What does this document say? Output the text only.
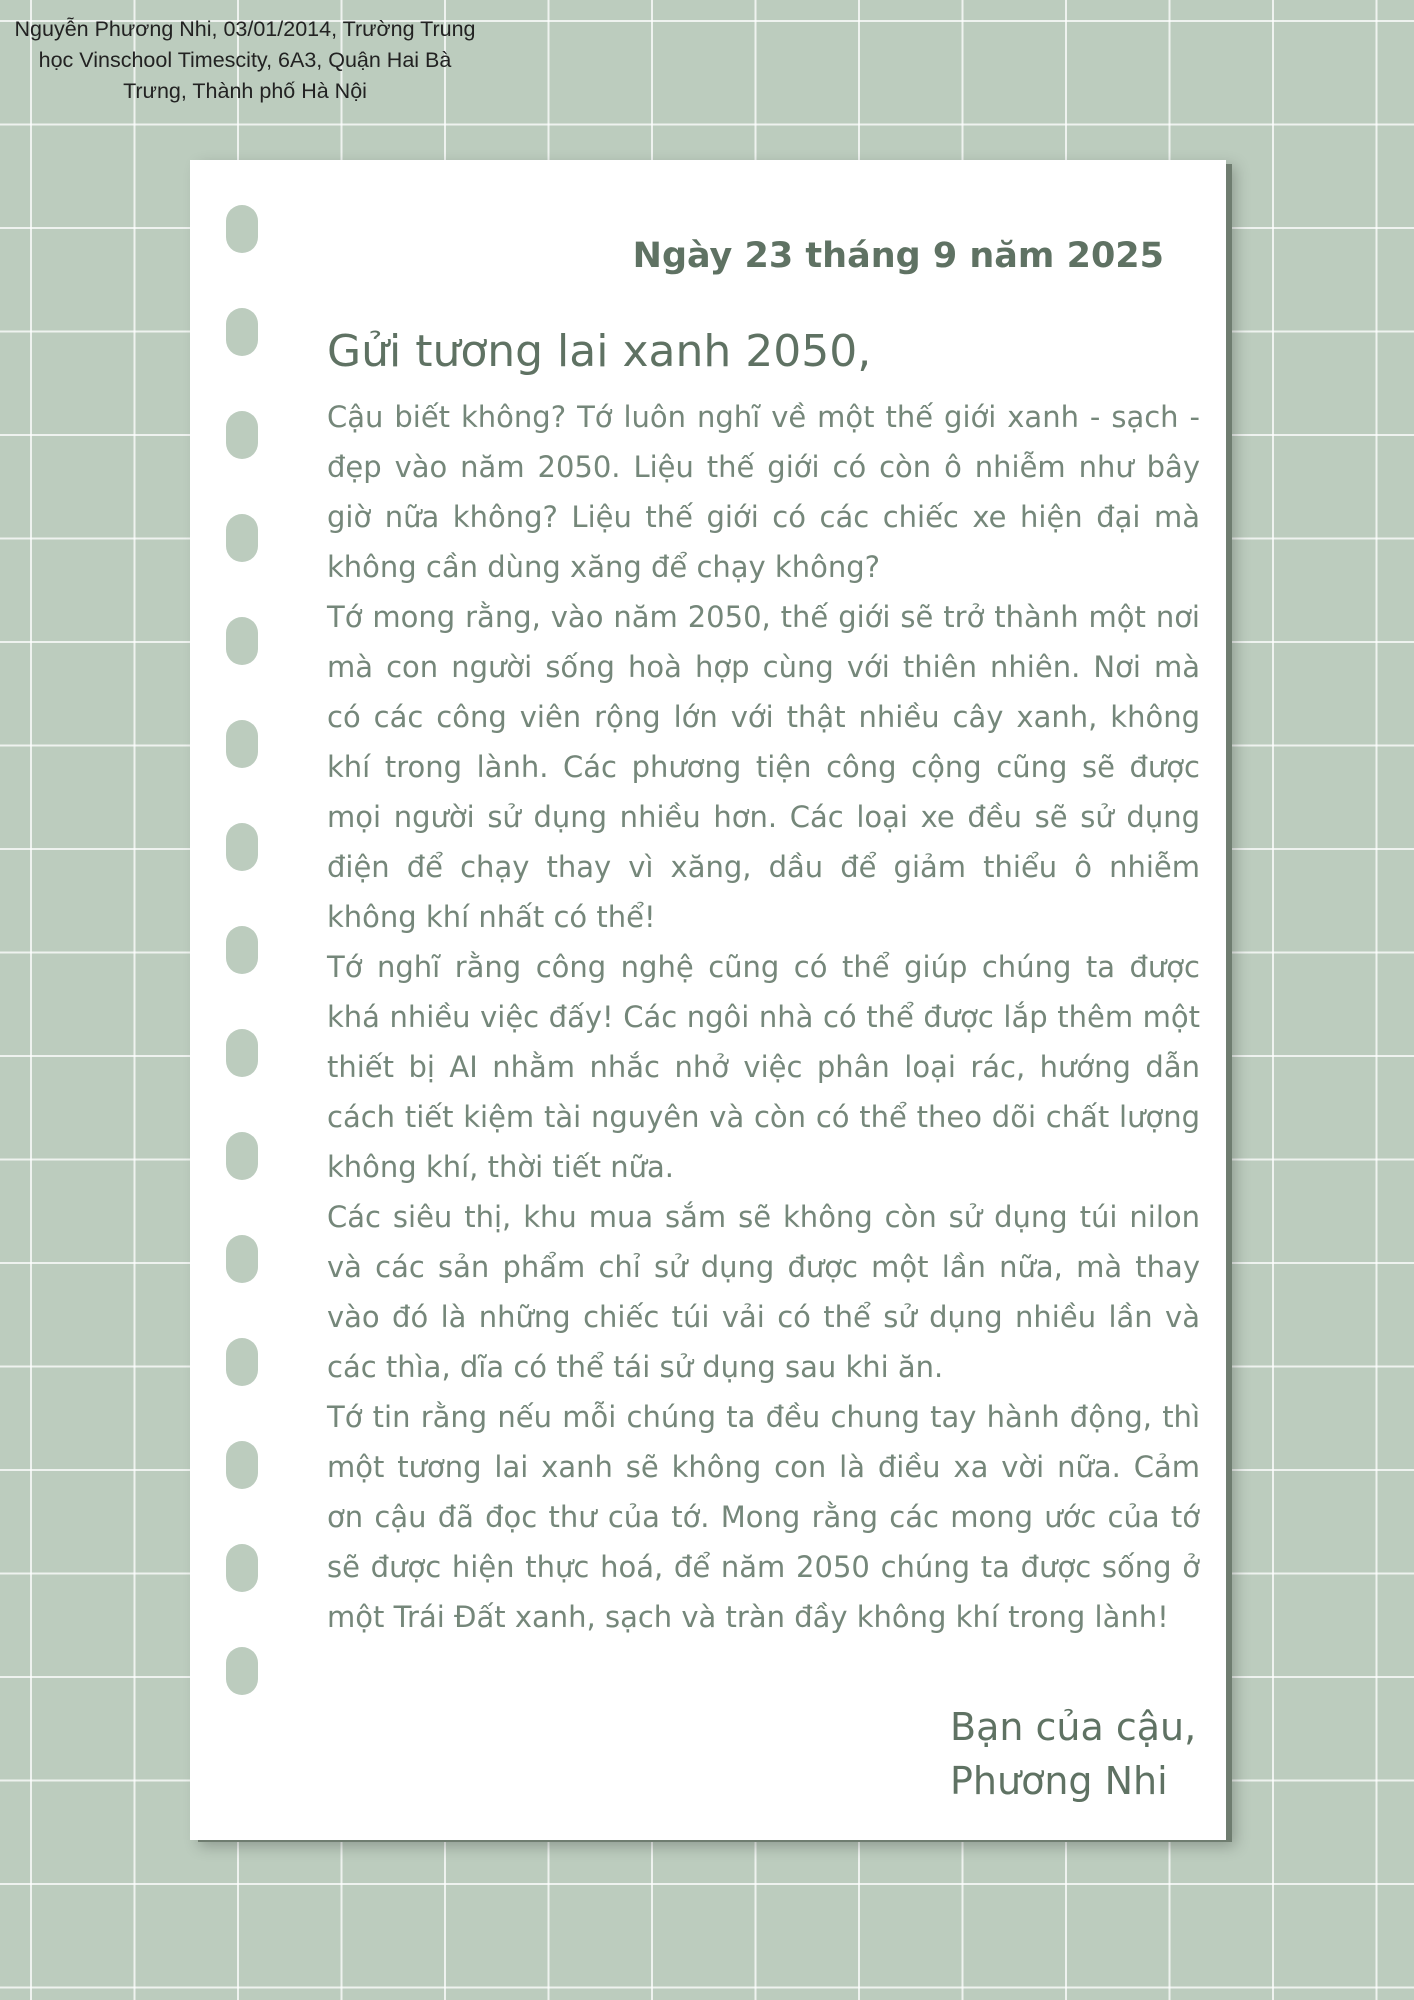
Nguyễn Phương Nhi, 03/01/2014, Trường Trung học Vinschool Timescity, 6A3, Quận Hai Bà Trưng, Thành phố Hà Nội
Ngày 23 tháng 9 năm 2025
Gửi tương lai xanh 2050,

Cậu biết không? Tớ luôn nghĩ về một thế giới xanh - sạch - đẹp vào năm 2050. Liệu thế giới có còn ô nhiễm như bây giờ nữa không? Liệu thế giới có các chiếc xe hiện đại mà không cần dùng xăng để chạy không?

Tớ mong rằng, vào năm 2050, thế giới sẽ trở thành một nơi mà con người sống hoà hợp cùng với thiên nhiên. Nơi mà có các công viên rộng lớn với thật nhiều cây xanh, không khí trong lành. Các phương tiện công cộng cũng sẽ được mọi người sử dụng nhiều hơn. Các loại xe đều sẽ sử dụng điện để chạy thay vì xăng, dầu để giảm thiểu ô nhiễm không khí nhất có thể!

Tớ nghĩ rằng công nghệ cũng có thể giúp chúng ta được khá nhiều việc đấy! Các ngôi nhà có thể được lắp thêm một thiết bị AI nhằm nhắc nhở việc phân loại rác, hướng dẫn cách tiết kiệm tài nguyên và còn có thể theo dõi chất lượng không khí, thời tiết nữa.

Các siêu thị, khu mua sắm sẽ không còn sử dụng túi nilon và các sản phẩm chỉ sử dụng được một lần nữa, mà thay vào đó là những chiếc túi vải có thể sử dụng nhiều lần và các thìa, dĩa có thể tái sử dụng sau khi ăn.

Tớ tin rằng nếu mỗi chúng ta đều chung tay hành động, thì một tương lai xanh sẽ không con là điều xa vời nữa. Cảm ơn cậu đã đọc thư của tớ. Mong rằng các mong ước của tớ sẽ được hiện thực hoá, để năm 2050 chúng ta được sống ở một Trái Đất xanh, sạch và tràn đầy không khí trong lành!

Bạn của cậu,
Phương Nhi
